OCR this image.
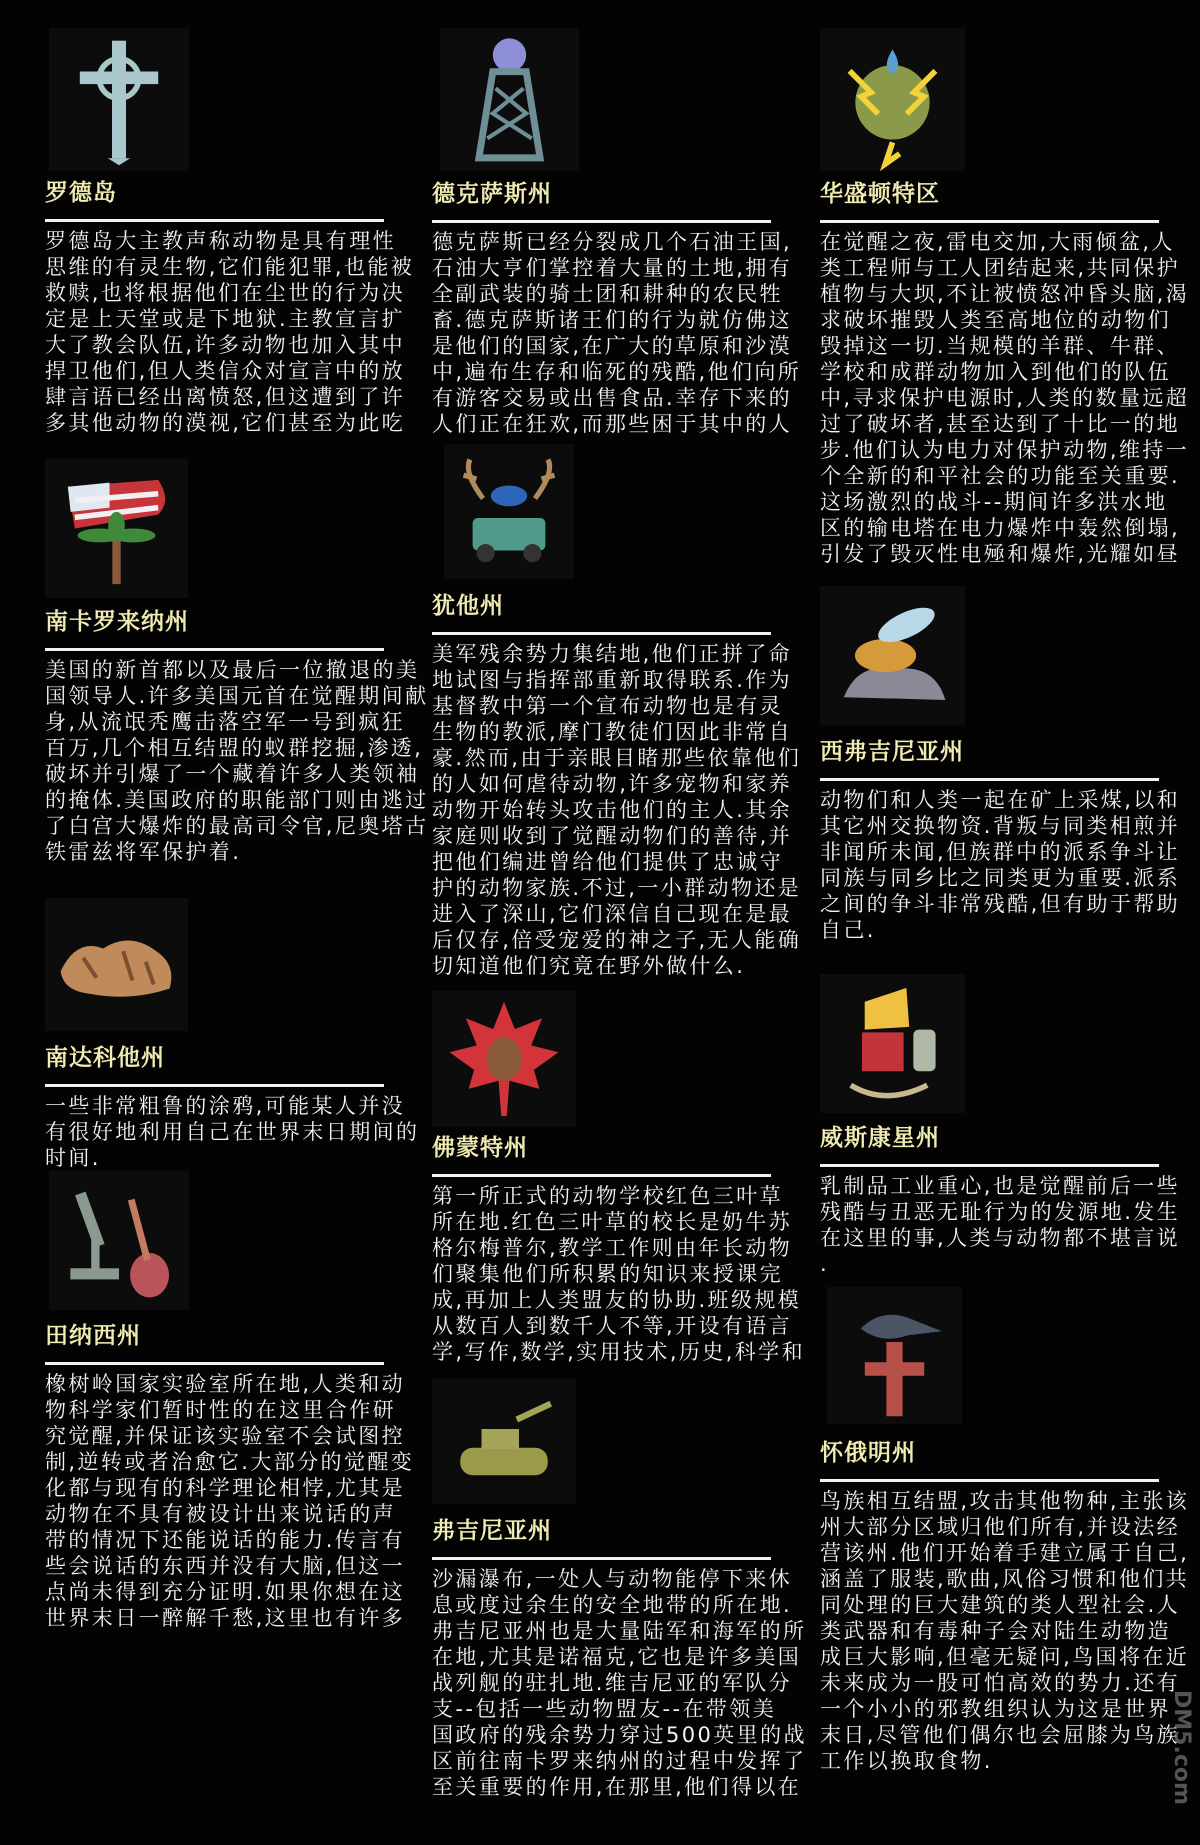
罗德岛
罗德岛大主教声称动物是具有理性
思维的有灵生物,它们能犯罪,也能被
救赎,也将根据他们在尘世的行为决
定是上天堂或是下地狱.主教宣言扩
大了教会队伍,许多动物也加入其中
捍卫他们,但人类信众对宣言中的放
肆言语已经出离愤怒,但这遭到了许
多其他动物的漠视,它们甚至为此吃
南卡罗来纳州
美国的新首都以及最后一位撤退的美
国领导人.许多美国元首在觉醒期间献
身,从流氓秃鹰击落空军一号到疯狂
百万,几个相互结盟的蚁群挖掘,渗透,
破坏并引爆了一个藏着许多人类领袖
的掩体.美国政府的职能部门则由逃过
了白宫大爆炸的最高司令官,尼奥塔古
铁雷兹将军保护着.
南达科他州
一些非常粗鲁的涂鸦,可能某人并没
有很好地利用自己在世界末日期间的
时间.
田纳西州
橡树岭国家实验室所在地,人类和动
物科学家们暂时性的在这里合作研
究觉醒,并保证该实验室不会试图控
制,逆转或者治愈它.大部分的觉醒变
化都与现有的科学理论相悖,尤其是
动物在不具有被设计出来说话的声
带的情况下还能说话的能力.传言有
些会说话的东西并没有大脑,但这一
点尚未得到充分证明.如果你想在这
世界末日一醉解千愁,这里也有许多
德克萨斯州
德克萨斯已经分裂成几个石油王国,
石油大亨们掌控着大量的土地,拥有
全副武装的骑士团和耕种的农民牲
畜.德克萨斯诸王们的行为就仿佛这
是他们的国家,在广大的草原和沙漠
中,遍布生存和临死的残酷,他们向所
有游客交易或出售食品.幸存下来的
人们正在狂欢,而那些困于其中的人
犹他州
美军残余势力集结地,他们正拼了命
地试图与指挥部重新取得联系.作为
基督教中第一个宣布动物也是有灵
生物的教派,摩门教徒们因此非常自
豪.然而,由于亲眼目睹那些依靠他们
的人如何虐待动物,许多宠物和家养
动物开始转头攻击他们的主人.其余
家庭则收到了觉醒动物们的善待,并
把他们编进曾给他们提供了忠诚守
护的动物家族.不过,一小群动物还是
进入了深山,它们深信自己现在是最
后仅存,倍受宠爱的神之子,无人能确
切知道他们究竟在野外做什么.
佛蒙特州
第一所正式的动物学校红色三叶草
所在地.红色三叶草的校长是奶牛苏
格尔梅普尔,教学工作则由年长动物
们聚集他们所积累的知识来授课完
成,再加上人类盟友的协助.班级规模
从数百人到数千人不等,开设有语言
学,写作,数学,实用技术,历史,科学和
弗吉尼亚州
沙漏瀑布,一处人与动物能停下来休
息或度过余生的安全地带的所在地.
弗吉尼亚州也是大量陆军和海军的所
在地,尤其是诺福克,它也是许多美国
战列舰的驻扎地.维吉尼亚的军队分
支--包括一些动物盟友--在带领美
国政府的残余势力穿过500英里的战
区前往南卡罗来纳州的过程中发挥了
至关重要的作用,在那里,他们得以在
华盛顿特区
在觉醒之夜,雷电交加,大雨倾盆,人
类工程师与工人团结起来,共同保护
植物与大坝,不让被愤怒冲昏头脑,渴
求破坏摧毁人类至高地位的动物们
毁掉这一切.当规模的羊群、牛群、
学校和成群动物加入到他们的队伍
中,寻求保护电源时,人类的数量远超
过了破坏者,甚至达到了十比一的地
步.他们认为电力对保护动物,维持一
个全新的和平社会的功能至关重要.
这场激烈的战斗--期间许多洪水地
区的输电塔在电力爆炸中轰然倒塌,
引发了毁灭性电殛和爆炸,光耀如昼
西弗吉尼亚州
动物们和人类一起在矿上采煤,以和
其它州交换物资.背叛与同类相煎并
非闻所未闻,但族群中的派系争斗让
同族与同乡比之同类更为重要.派系
之间的争斗非常残酷,但有助于帮助
自己.
威斯康星州
乳制品工业重心,也是觉醒前后一些
残酷与丑恶无耻行为的发源地.发生
在这里的事,人类与动物都不堪言说
.
怀俄明州
鸟族相互结盟,攻击其他物种,主张该
州大部分区域归他们所有,并设法经
营该州.他们开始着手建立属于自己,
涵盖了服装,歌曲,风俗习惯和他们共
同处理的巨大建筑的类人型社会.人
类武器和有毒种子会对陆生动物造
成巨大影响,但毫无疑问,鸟国将在近
未来成为一股可怕高效的势力.还有
一个小小的邪教组织认为这是世界
末日,尽管他们偶尔也会屈膝为鸟族
工作以换取食物.	DM5.com
